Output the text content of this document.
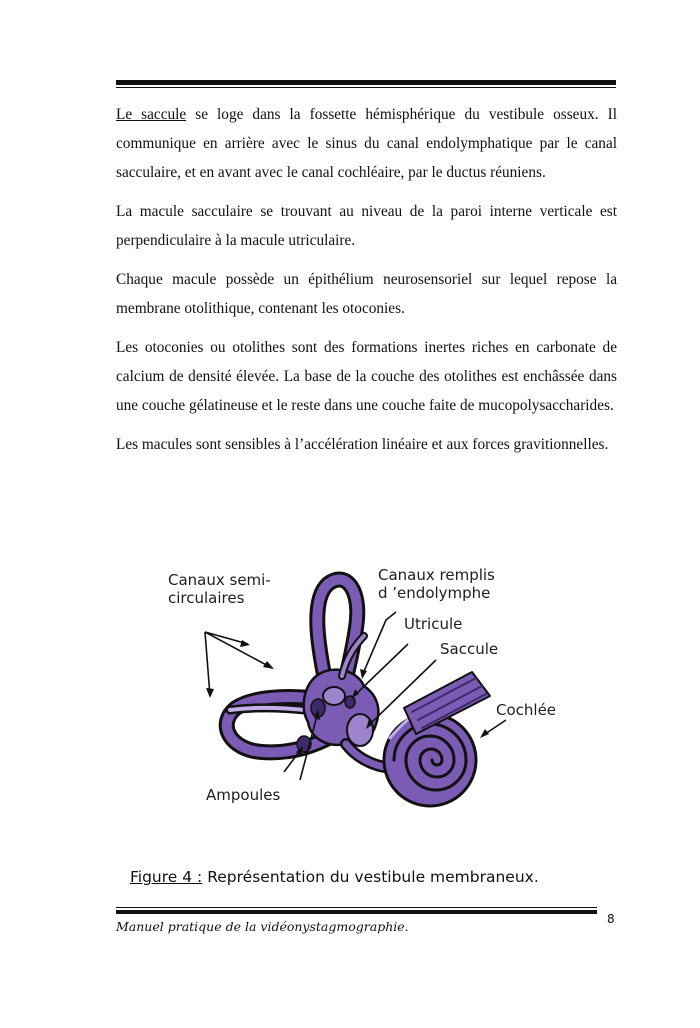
Le saccule se loge dans la fossette hémisphérique du vestibule osseux. Il communique en arrière avec le sinus du canal endolymphatique par le canal sacculaire, et en avant avec le canal cochléaire, par le ductus réuniens.

La macule sacculaire se trouvant au niveau de la paroi interne verticale est perpendiculaire à la macule utriculaire.

Chaque macule possède un épithélium neurosensoriel sur lequel repose la membrane otolithique, contenant les otoconies.

Les otoconies ou otolithes sont des formations inertes riches en carbonate de calcium de densité élevée. La base de la couche des otolithes est enchâssée dans une couche gélatineuse et le reste dans une couche faite de mucopolysaccharides.

Les macules sont sensibles à l’accélération linéaire et aux forces gravitionnelles.

Canaux semi-
circulaires
Canaux remplis
d ’endolymphe
Utricule
Saccule
Cochlée
Ampoules
Figure 4 : Représentation du vestibule membraneux.
Manuel pratique de la vidéonystagmographie.	8
